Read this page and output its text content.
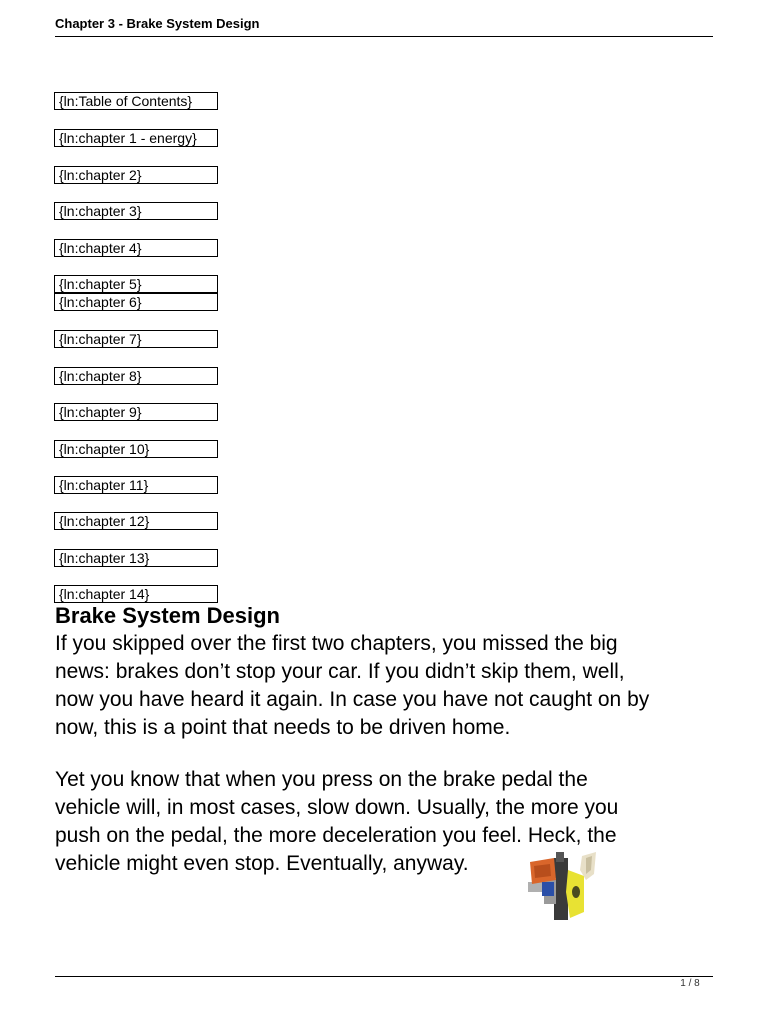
Chapter 3 - Brake System Design
{ln:Table of Contents}
{ln:chapter 1 - energy}
{ln:chapter 2}
{ln:chapter 3}
{ln:chapter 4}
{ln:chapter 5}
{ln:chapter 6}
{ln:chapter 7}
{ln:chapter 8}
{ln:chapter 9}
{ln:chapter 10}
{ln:chapter 11}
{ln:chapter 12}
{ln:chapter 13}
{ln:chapter 14}
Brake System Design

If you skipped over the first two chapters, you missed the big
news: brakes don’t stop your car. If you didn’t skip them, well,
now you have heard it again. In case you have not caught on by
now, this is a point that needs to be driven home.

Yet you know that when you press on the brake pedal the
vehicle will, in most cases, slow down. Usually, the more you
push on the pedal, the more deceleration you feel. Heck, the
vehicle might even stop. Eventually, anyway.

1 / 8
